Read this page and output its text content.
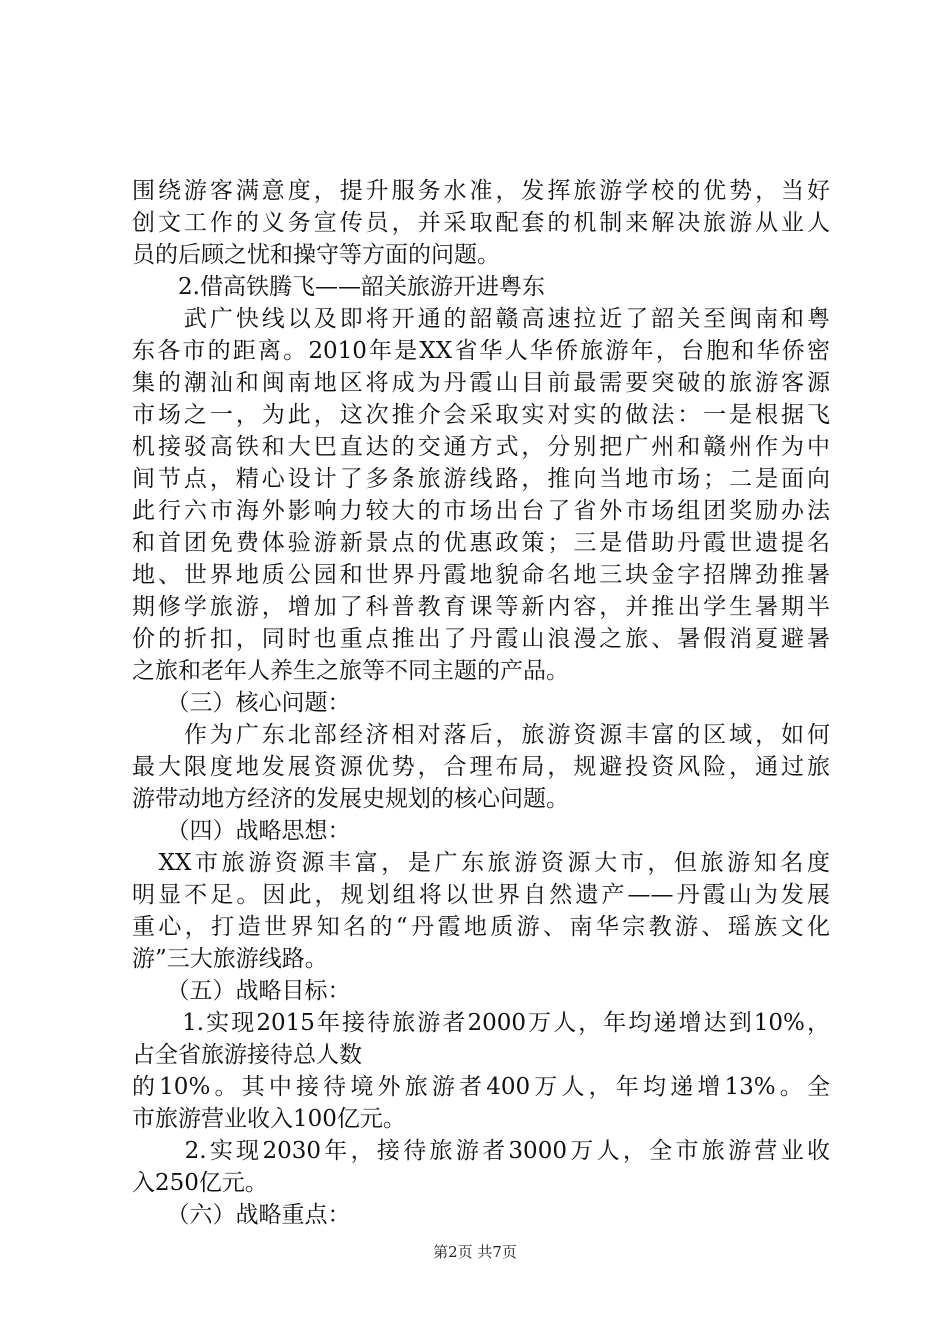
围绕游客满意度，提升服务水准，发挥旅游学校的优势，当好
创文工作的义务宣传员，并采取配套的机制来解决旅游从业人
员的后顾之忧和操守等方面的问题。
　　2.借高铁腾飞——韶关旅游开进粤东
　　武广快线以及即将开通的韶赣高速拉近了韶关至闽南和粤
东各市的距离。2010年是XX省华人华侨旅游年，台胞和华侨密
集的潮汕和闽南地区将成为丹霞山目前最需要突破的旅游客源
市场之一，为此，这次推介会采取实对实的做法：一是根据飞
机接驳高铁和大巴直达的交通方式，分别把广州和赣州作为中
间节点，精心设计了多条旅游线路，推向当地市场；二是面向
此行六市海外影响力较大的市场出台了省外市场组团奖励办法
和首团免费体验游新景点的优惠政策；三是借助丹霞世遗提名
地、世界地质公园和世界丹霞地貌命名地三块金字招牌劲推暑
期修学旅游，增加了科普教育课等新内容，并推出学生暑期半
价的折扣，同时也重点推出了丹霞山浪漫之旅、暑假消夏避暑
之旅和老年人养生之旅等不同主题的产品。
　　（三）核心问题：
　　作为广东北部经济相对落后，旅游资源丰富的区域，如何
最大限度地发展资源优势，合理布局，规避投资风险，通过旅
游带动地方经济的发展史规划的核心问题。
　　（四）战略思想：
　XX市旅游资源丰富，是广东旅游资源大市，但旅游知名度
明显不足。因此，规划组将以世界自然遗产——丹霞山为发展
重心，打造世界知名的“丹霞地质游、南华宗教游、瑶族文化
游”三大旅游线路。
　　（五）战略目标：
　　1.实现2015年接待旅游者2000万人，年均递增达到10%，
占全省旅游接待总人数
的10%。其中接待境外旅游者400万人，年均递增13%。全
市旅游营业收入100亿元。
　　2.实现2030年，接待旅游者3000万人，全市旅游营业收
入250亿元。
　　（六）战略重点：
第2页 共7页
